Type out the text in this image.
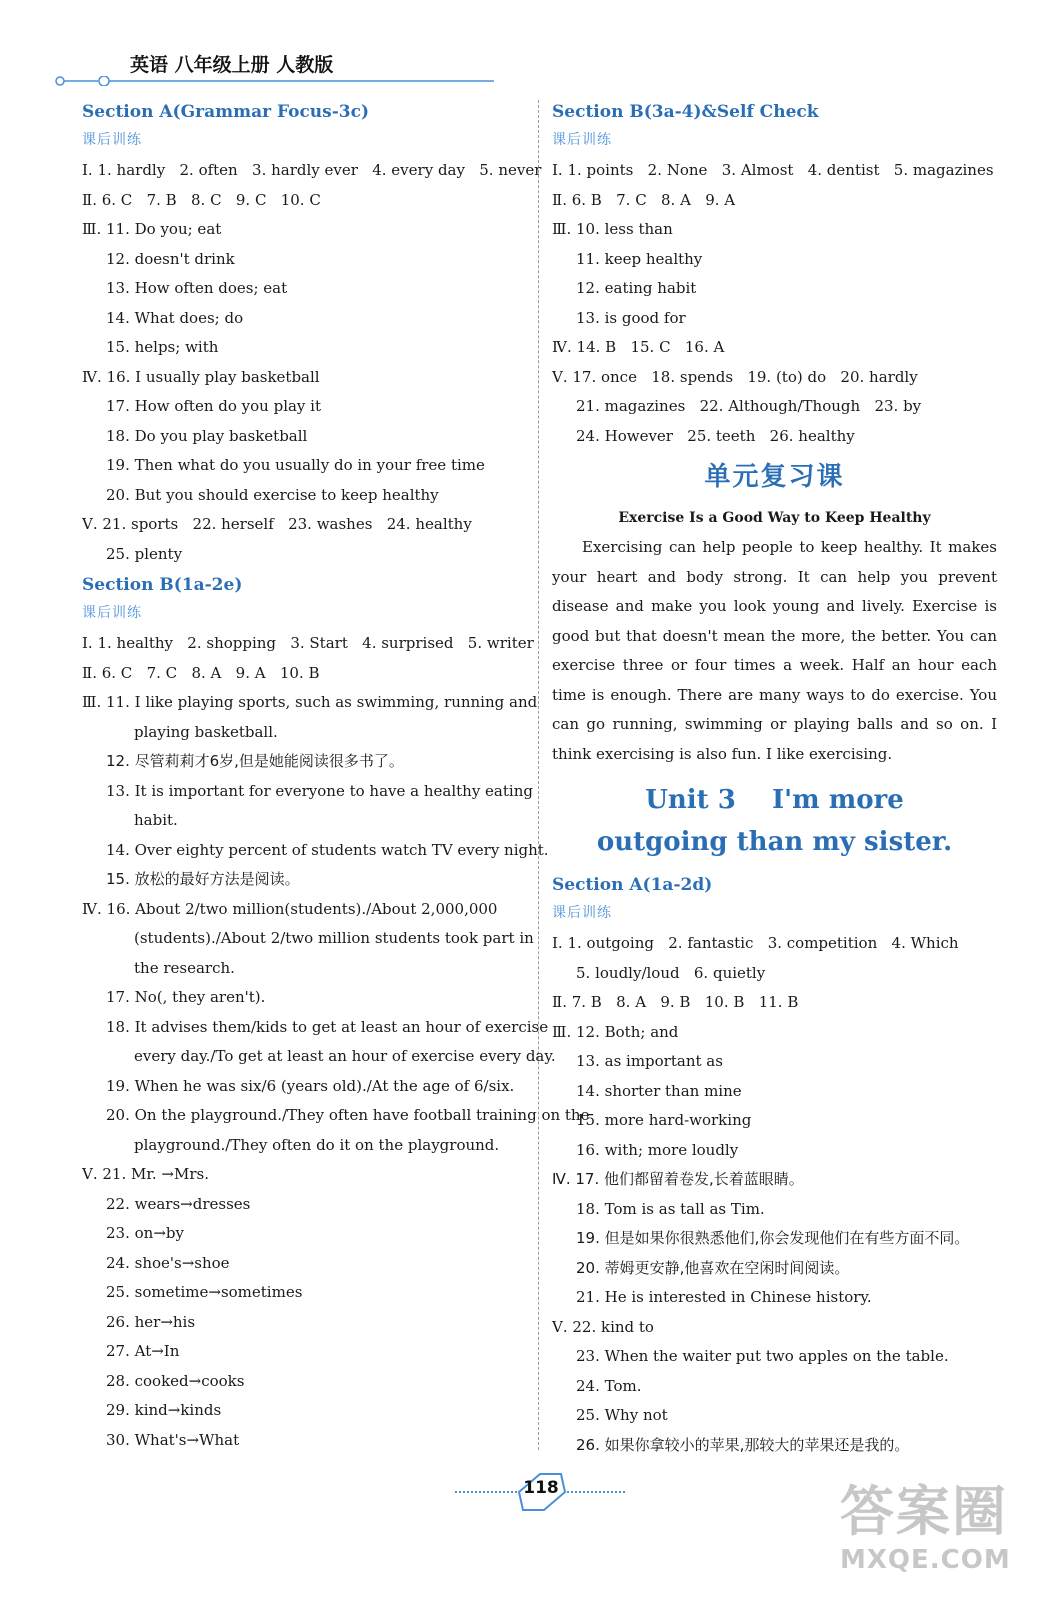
英语 八年级上册 人教版

Section A(Grammar Focus-3c)

课后训练

Ⅰ. 1. hardly   2. often   3. hardly ever   4. every day   5. never

Ⅱ. 6. C   7. B   8. C   9. C   10. C

Ⅲ. 11. Do you; eat

12. doesn't drink

13. How often does; eat

14. What does; do

15. helps; with

Ⅳ. 16. I usually play basketball

17. How often do you play it

18. Do you play basketball

19. Then what do you usually do in your free time

20. But you should exercise to keep healthy

Ⅴ. 21. sports   22. herself   23. washes   24. healthy

25. plenty

Section B(1a-2e)

课后训练

Ⅰ. 1. healthy   2. shopping   3. Start   4. surprised   5. writer

Ⅱ. 6. C   7. C   8. A   9. A   10. B

Ⅲ. 11. I like playing sports, such as swimming, running and

playing basketball.

12. 尽管莉莉才6岁,但是她能阅读很多书了。

13. It is important for everyone to have a healthy eating

habit.

14. Over eighty percent of students watch TV every night.

15. 放松的最好方法是阅读。

Ⅳ. 16. About 2/two million(students)./About 2,000,000

(students)./About 2/two million students took part in

the research.

17. No(, they aren't).

18. It advises them/kids to get at least an hour of exercise

every day./To get at least an hour of exercise every day.

19. When he was six/6 (years old)./At the age of 6/six.

20. On the playground./They often have football training on the

playground./They often do it on the playground.

Ⅴ. 21. Mr. →Mrs.

22. wears→dresses

23. on→by

24. shoe's→shoe

25. sometime→sometimes

26. her→his

27. At→In

28. cooked→cooks

29. kind→kinds

30. What's→What

Section B(3a-4)&Self Check

课后训练

Ⅰ. 1. points   2. None   3. Almost   4. dentist   5. magazines

Ⅱ. 6. B   7. C   8. A   9. A

Ⅲ. 10. less than

11. keep healthy

12. eating habit

13. is good for

Ⅳ. 14. B   15. C   16. A

Ⅴ. 17. once   18. spends   19. (to) do   20. hardly

21. magazines   22. Although/Though   23. by

24. However   25. teeth   26. healthy

单元复习课

Exercise Is a Good Way to Keep Healthy

Exercising can help people to keep healthy. It makes your heart and body strong. It can help you prevent disease and make you look young and lively. Exercise is good but that doesn't mean the more, the better. You can exercise three or four times a week. Half an hour each time is enough. There are many ways to do exercise. You can go running, swimming or playing balls and so on. I think exercising is also fun. I like exercising.

Unit 3    I'm more
outgoing than my sister.

Section A(1a-2d)

课后训练

Ⅰ. 1. outgoing   2. fantastic   3. competition   4. Which

5. loudly/loud   6. quietly

Ⅱ. 7. B   8. A   9. B   10. B   11. B

Ⅲ. 12. Both; and

13. as important as

14. shorter than mine

15. more hard-working

16. with; more loudly

Ⅳ. 17. 他们都留着卷发,长着蓝眼睛。

18. Tom is as tall as Tim.

19. 但是如果你很熟悉他们,你会发现他们在有些方面不同。

20. 蒂姆更安静,他喜欢在空闲时间阅读。

21. He is interested in Chinese history.

Ⅴ. 22. kind to

23. When the waiter put two apples on the table.

24. Tom.

25. Why not

26. 如果你拿较小的苹果,那较大的苹果还是我的。

118	答案圈
MXQE.COM
